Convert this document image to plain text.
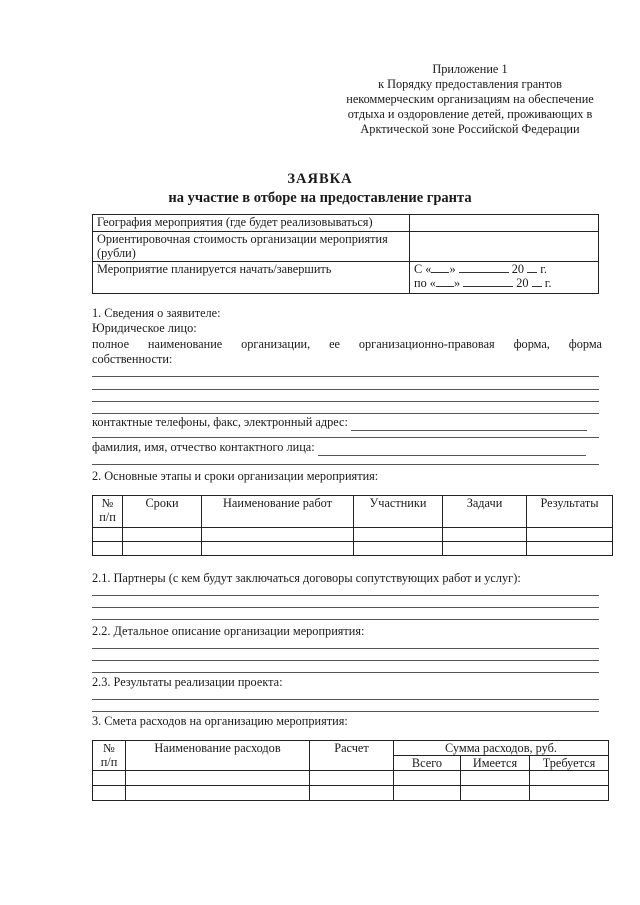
Приложение 1
к Порядку предоставления грантов
некоммерческим организациям на обеспечение
отдыха и оздоровление детей, проживающих в
Арктической зоне Российской Федерации
ЗАЯВКА
на участие в отборе на предоставление гранта
География мероприятия (где будет реализовываться)	

Ориентировочная стоимость организации мероприятия
(рубли)	

Мероприятие планируется начать/завершить	С « » 20 г.
по « » 20 г.
1. Сведения о заявителе:
Юридическое лицо:
полное наименование организации, ее организационно-правовая форма, форма
собственности:
контактные телефоны, факс, электронный адрес:
фамилия, имя, отчество контактного лица:
2. Основные этапы и сроки организации мероприятия:
№
п/п	Сроки	Наименование работ	Участники	Задачи	Результаты

2.1. Партнеры (с кем будут заключаться договоры сопутствующих работ и услуг):
2.2. Детальное описание организации мероприятия:
2.3. Результаты реализации проекта:
3. Смета расходов на организацию мероприятия:
№
п/п	Наименование расходов	Расчет	Сумма расходов, руб.		
			Всего	Имеется	Требуется
